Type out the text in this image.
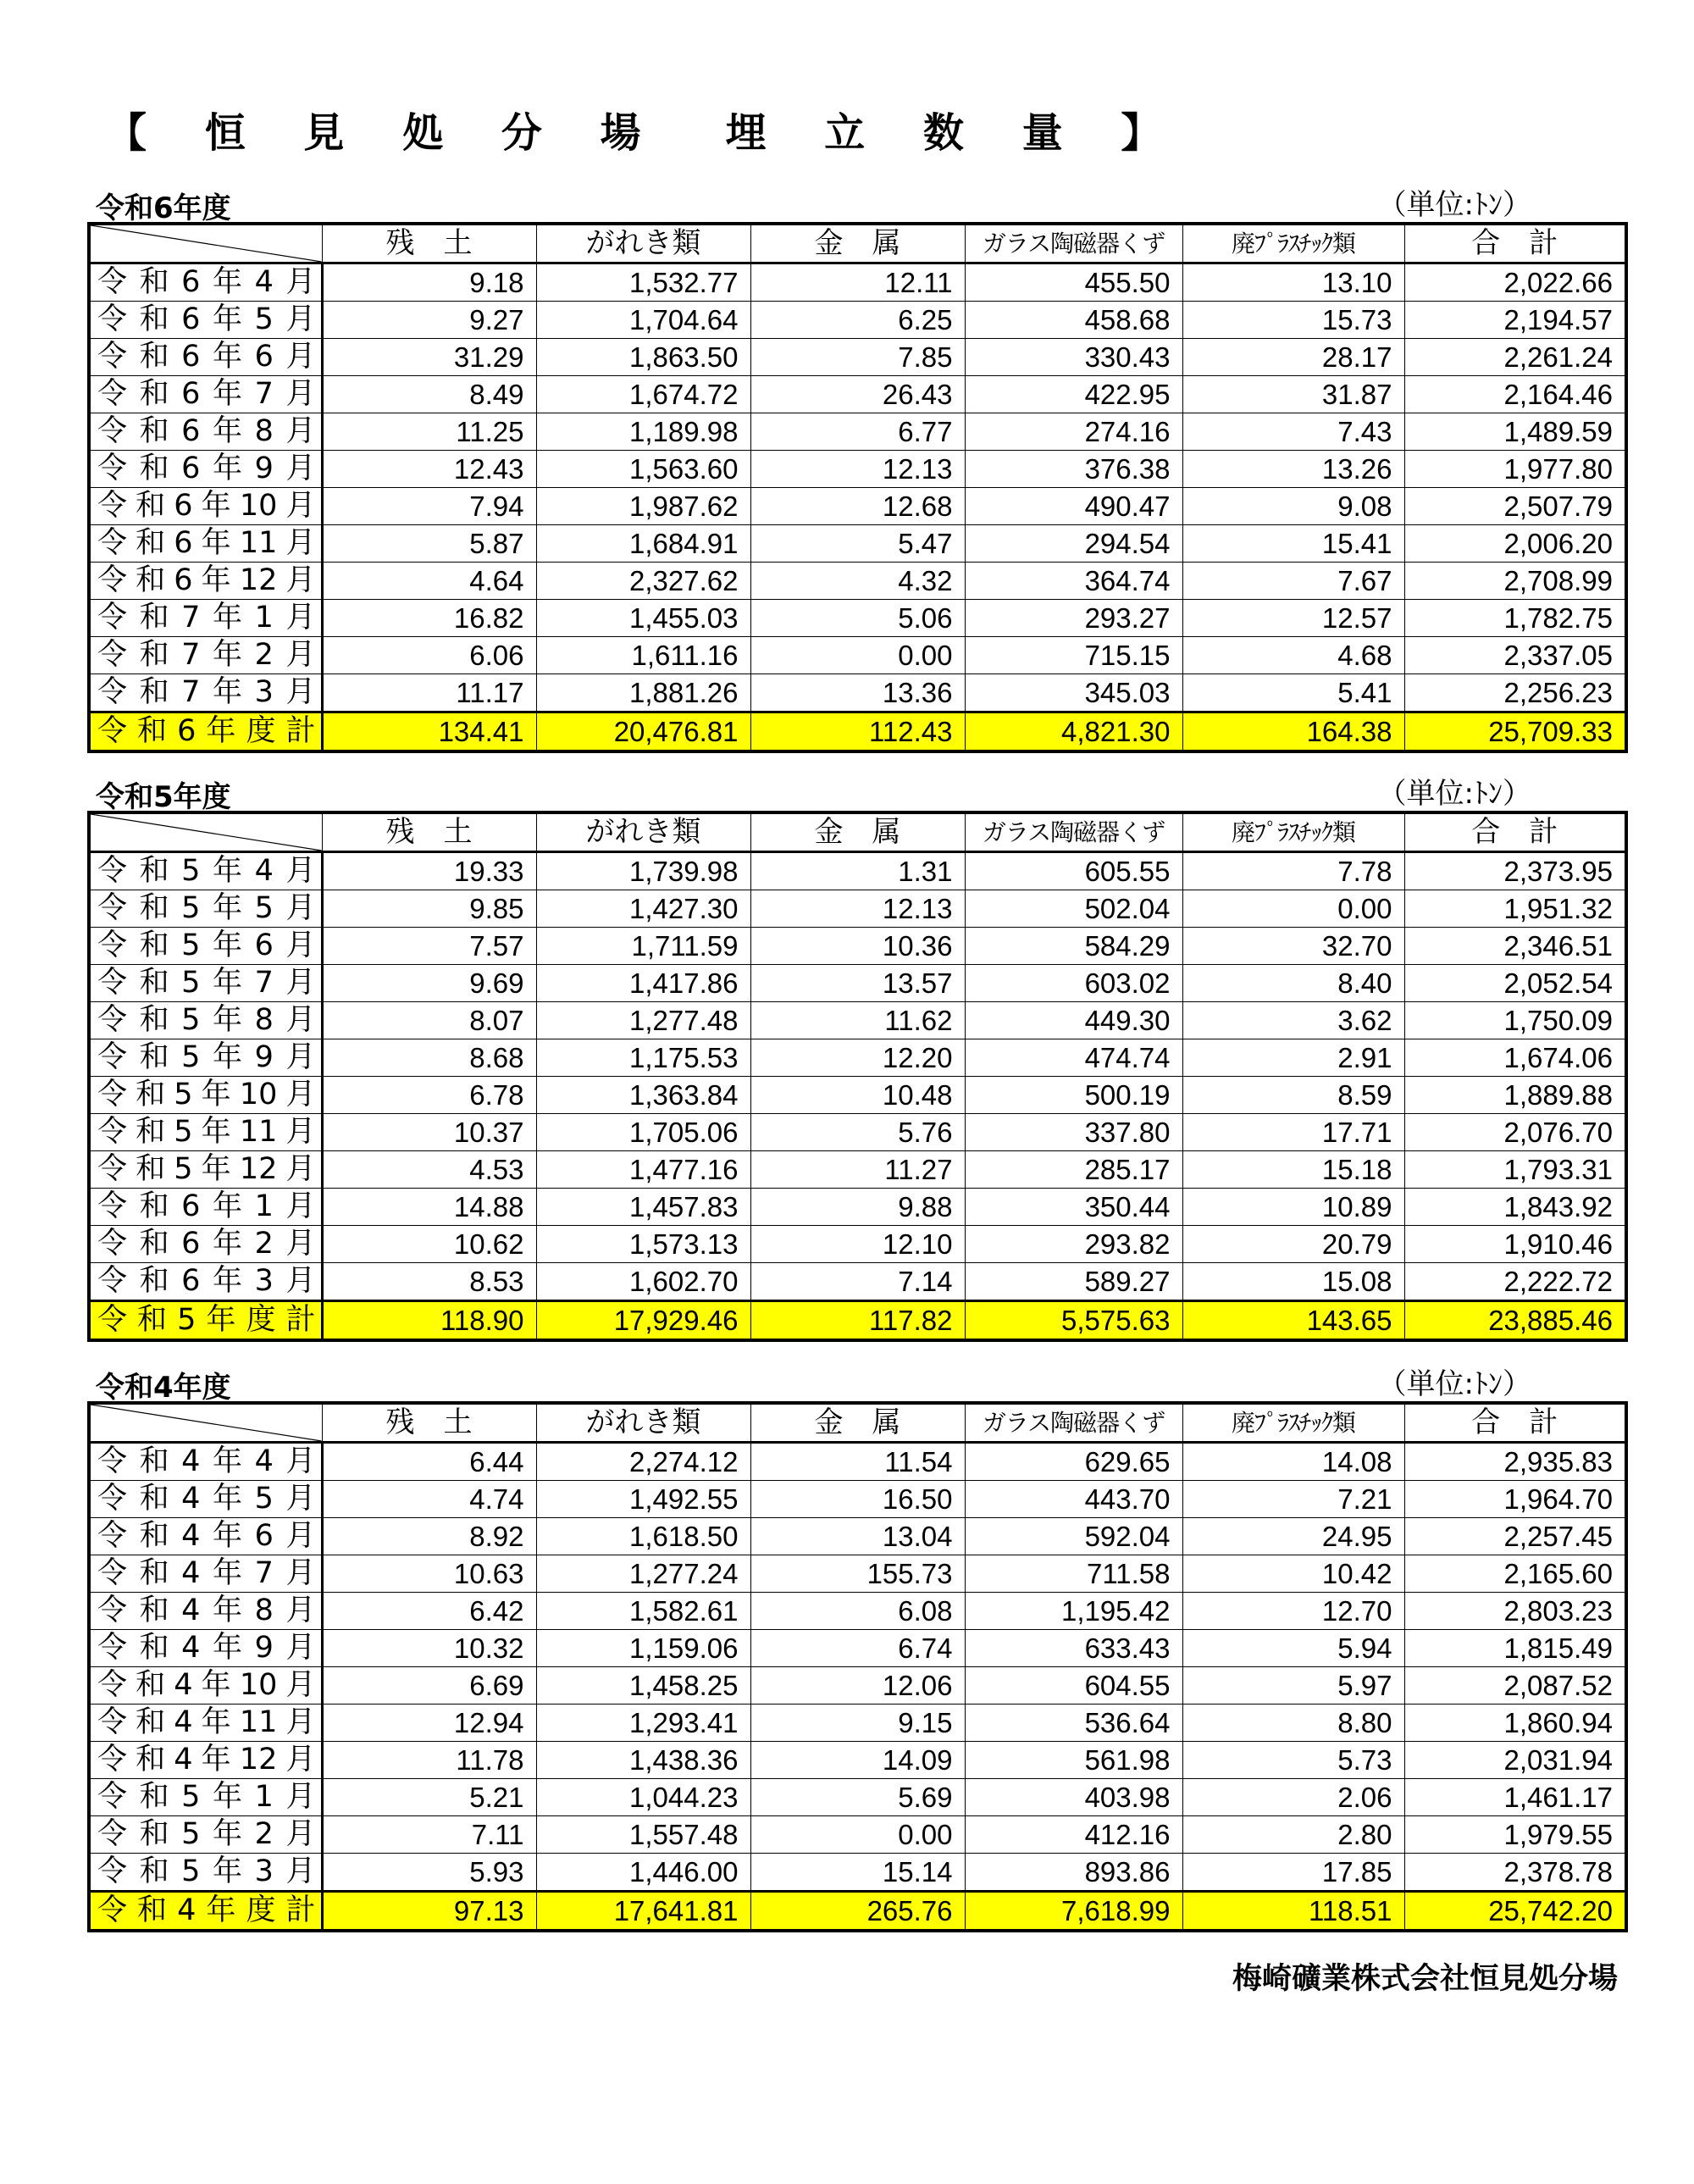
【 恒 見 処 分 場　埋 立 数 量 】
令和6年度	（単位:ﾄﾝ）
	残　土	がれき類	金　属	ガラス陶磁器くず	廃ﾌﾟﾗｽﾁｯｸ類	合　計
令和6年4月	9.18	1,532.77	12.11	455.50	13.10	2,022.66
令和6年5月	9.27	1,704.64	6.25	458.68	15.73	2,194.57
令和6年6月	31.29	1,863.50	7.85	330.43	28.17	2,261.24
令和6年7月	8.49	1,674.72	26.43	422.95	31.87	2,164.46
令和6年8月	11.25	1,189.98	6.77	274.16	7.43	1,489.59
令和6年9月	12.43	1,563.60	12.13	376.38	13.26	1,977.80
令和6年10月	7.94	1,987.62	12.68	490.47	9.08	2,507.79
令和6年11月	5.87	1,684.91	5.47	294.54	15.41	2,006.20
令和6年12月	4.64	2,327.62	4.32	364.74	7.67	2,708.99
令和7年1月	16.82	1,455.03	5.06	293.27	12.57	1,782.75
令和7年2月	6.06	1,611.16	0.00	715.15	4.68	2,337.05
令和7年3月	11.17	1,881.26	13.36	345.03	5.41	2,256.23
令和6年度計	134.41	20,476.81	112.43	4,821.30	164.38	25,709.33
令和5年度	（単位:ﾄﾝ）
	残　土	がれき類	金　属	ガラス陶磁器くず	廃ﾌﾟﾗｽﾁｯｸ類	合　計
令和5年4月	19.33	1,739.98	1.31	605.55	7.78	2,373.95
令和5年5月	9.85	1,427.30	12.13	502.04	0.00	1,951.32
令和5年6月	7.57	1,711.59	10.36	584.29	32.70	2,346.51
令和5年7月	9.69	1,417.86	13.57	603.02	8.40	2,052.54
令和5年8月	8.07	1,277.48	11.62	449.30	3.62	1,750.09
令和5年9月	8.68	1,175.53	12.20	474.74	2.91	1,674.06
令和5年10月	6.78	1,363.84	10.48	500.19	8.59	1,889.88
令和5年11月	10.37	1,705.06	5.76	337.80	17.71	2,076.70
令和5年12月	4.53	1,477.16	11.27	285.17	15.18	1,793.31
令和6年1月	14.88	1,457.83	9.88	350.44	10.89	1,843.92
令和6年2月	10.62	1,573.13	12.10	293.82	20.79	1,910.46
令和6年3月	8.53	1,602.70	7.14	589.27	15.08	2,222.72
令和5年度計	118.90	17,929.46	117.82	5,575.63	143.65	23,885.46
令和4年度	（単位:ﾄﾝ）
	残　土	がれき類	金　属	ガラス陶磁器くず	廃ﾌﾟﾗｽﾁｯｸ類	合　計
令和4年4月	6.44	2,274.12	11.54	629.65	14.08	2,935.83
令和4年5月	4.74	1,492.55	16.50	443.70	7.21	1,964.70
令和4年6月	8.92	1,618.50	13.04	592.04	24.95	2,257.45
令和4年7月	10.63	1,277.24	155.73	711.58	10.42	2,165.60
令和4年8月	6.42	1,582.61	6.08	1,195.42	12.70	2,803.23
令和4年9月	10.32	1,159.06	6.74	633.43	5.94	1,815.49
令和4年10月	6.69	1,458.25	12.06	604.55	5.97	2,087.52
令和4年11月	12.94	1,293.41	9.15	536.64	8.80	1,860.94
令和4年12月	11.78	1,438.36	14.09	561.98	5.73	2,031.94
令和5年1月	5.21	1,044.23	5.69	403.98	2.06	1,461.17
令和5年2月	7.11	1,557.48	0.00	412.16	2.80	1,979.55
令和5年3月	5.93	1,446.00	15.14	893.86	17.85	2,378.78
令和4年度計	97.13	17,641.81	265.76	7,618.99	118.51	25,742.20
梅崎礦業株式会社恒見処分場
